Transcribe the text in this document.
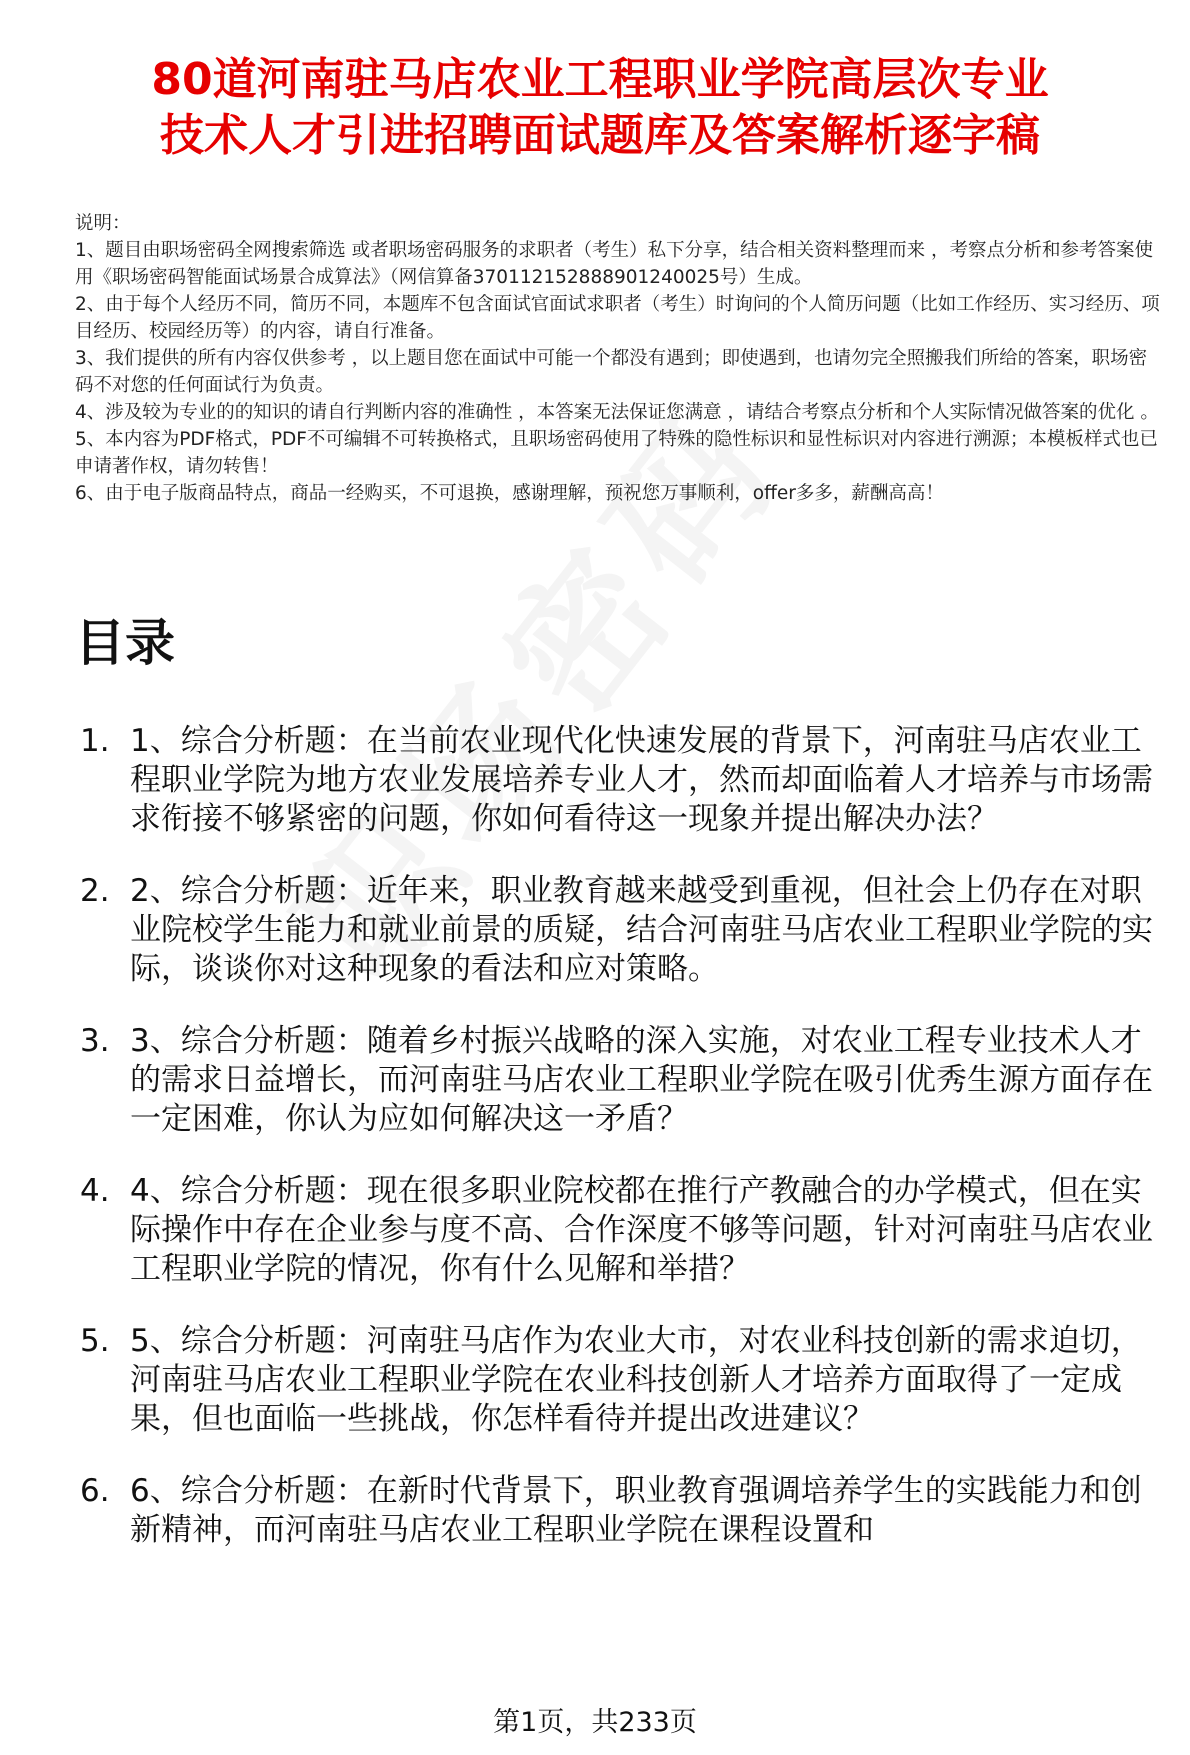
80道河南驻马店农业工程职业学院高层次专业
技术人才引进招聘面试题库及答案解析逐字稿

说明：

1、题目由职场密码全网搜索筛选 或者职场密码服务的求职者（考生）私下分享，结合相关资料整理而来 ，考察点分析和参考答案使用《职场密码智能面试场景合成算法》（网信算备370112152888901240025号）生成。

2、由于每个人经历不同，简历不同，本题库不包含面试官面试求职者（考生）时询问的个人简历问题（比如工作经历、实习经历、项目经历、校园经历等）的内容，请自行准备。

3、我们提供的所有内容仅供参考 ，以上题目您在面试中可能一个都没有遇到；即使遇到，也请勿完全照搬我们所给的答案，职场密码不对您的任何面试行为负责。

4、涉及较为专业的的知识的请自行判断内容的准确性 ，本答案无法保证您满意 ，请结合考察点分析和个人实际情况做答案的优化 。

5、本内容为PDF格式，PDF不可编辑不可转换格式，且职场密码使用了特殊的隐性标识和显性标识对内容进行溯源；本模板样式也已申请著作权，请勿转售！

6、由于电子版商品特点，商品一经购买，不可退换，感谢理解，预祝您万事顺利，offer多多，薪酬高高！

目录
1. 1、综合分析题：在当前农业现代化快速发展的背景下，河南驻马店农业工程职业学院为地方农业发展培养专业人才，然而却面临着人才培养与市场需求衔接不够紧密的问题，你如何看待这一现象并提出解决办法？
2. 2、综合分析题：近年来，职业教育越来越受到重视，但社会上仍存在对职业院校学生能力和就业前景的质疑，结合河南驻马店农业工程职业学院的实际，谈谈你对这种现象的看法和应对策略。
3. 3、综合分析题：随着乡村振兴战略的深入实施，对农业工程专业技术人才的需求日益增长，而河南驻马店农业工程职业学院在吸引优秀生源方面存在一定困难，你认为应如何解决这一矛盾？
4. 4、综合分析题：现在很多职业院校都在推行产教融合的办学模式，但在实际操作中存在企业参与度不高、合作深度不够等问题，针对河南驻马店农业工程职业学院的情况，你有什么见解和举措？
5. 5、综合分析题：河南驻马店作为农业大市，对农业科技创新的需求迫切，河南驻马店农业工程职业学院在农业科技创新人才培养方面取得了一定成果，但也面临一些挑战，你怎样看待并提出改进建议？
6. 6、综合分析题：在新时代背景下，职业教育强调培养学生的实践能力和创新精神，而河南驻马店农业工程职业学院在课程设置和
第1页，共233页
